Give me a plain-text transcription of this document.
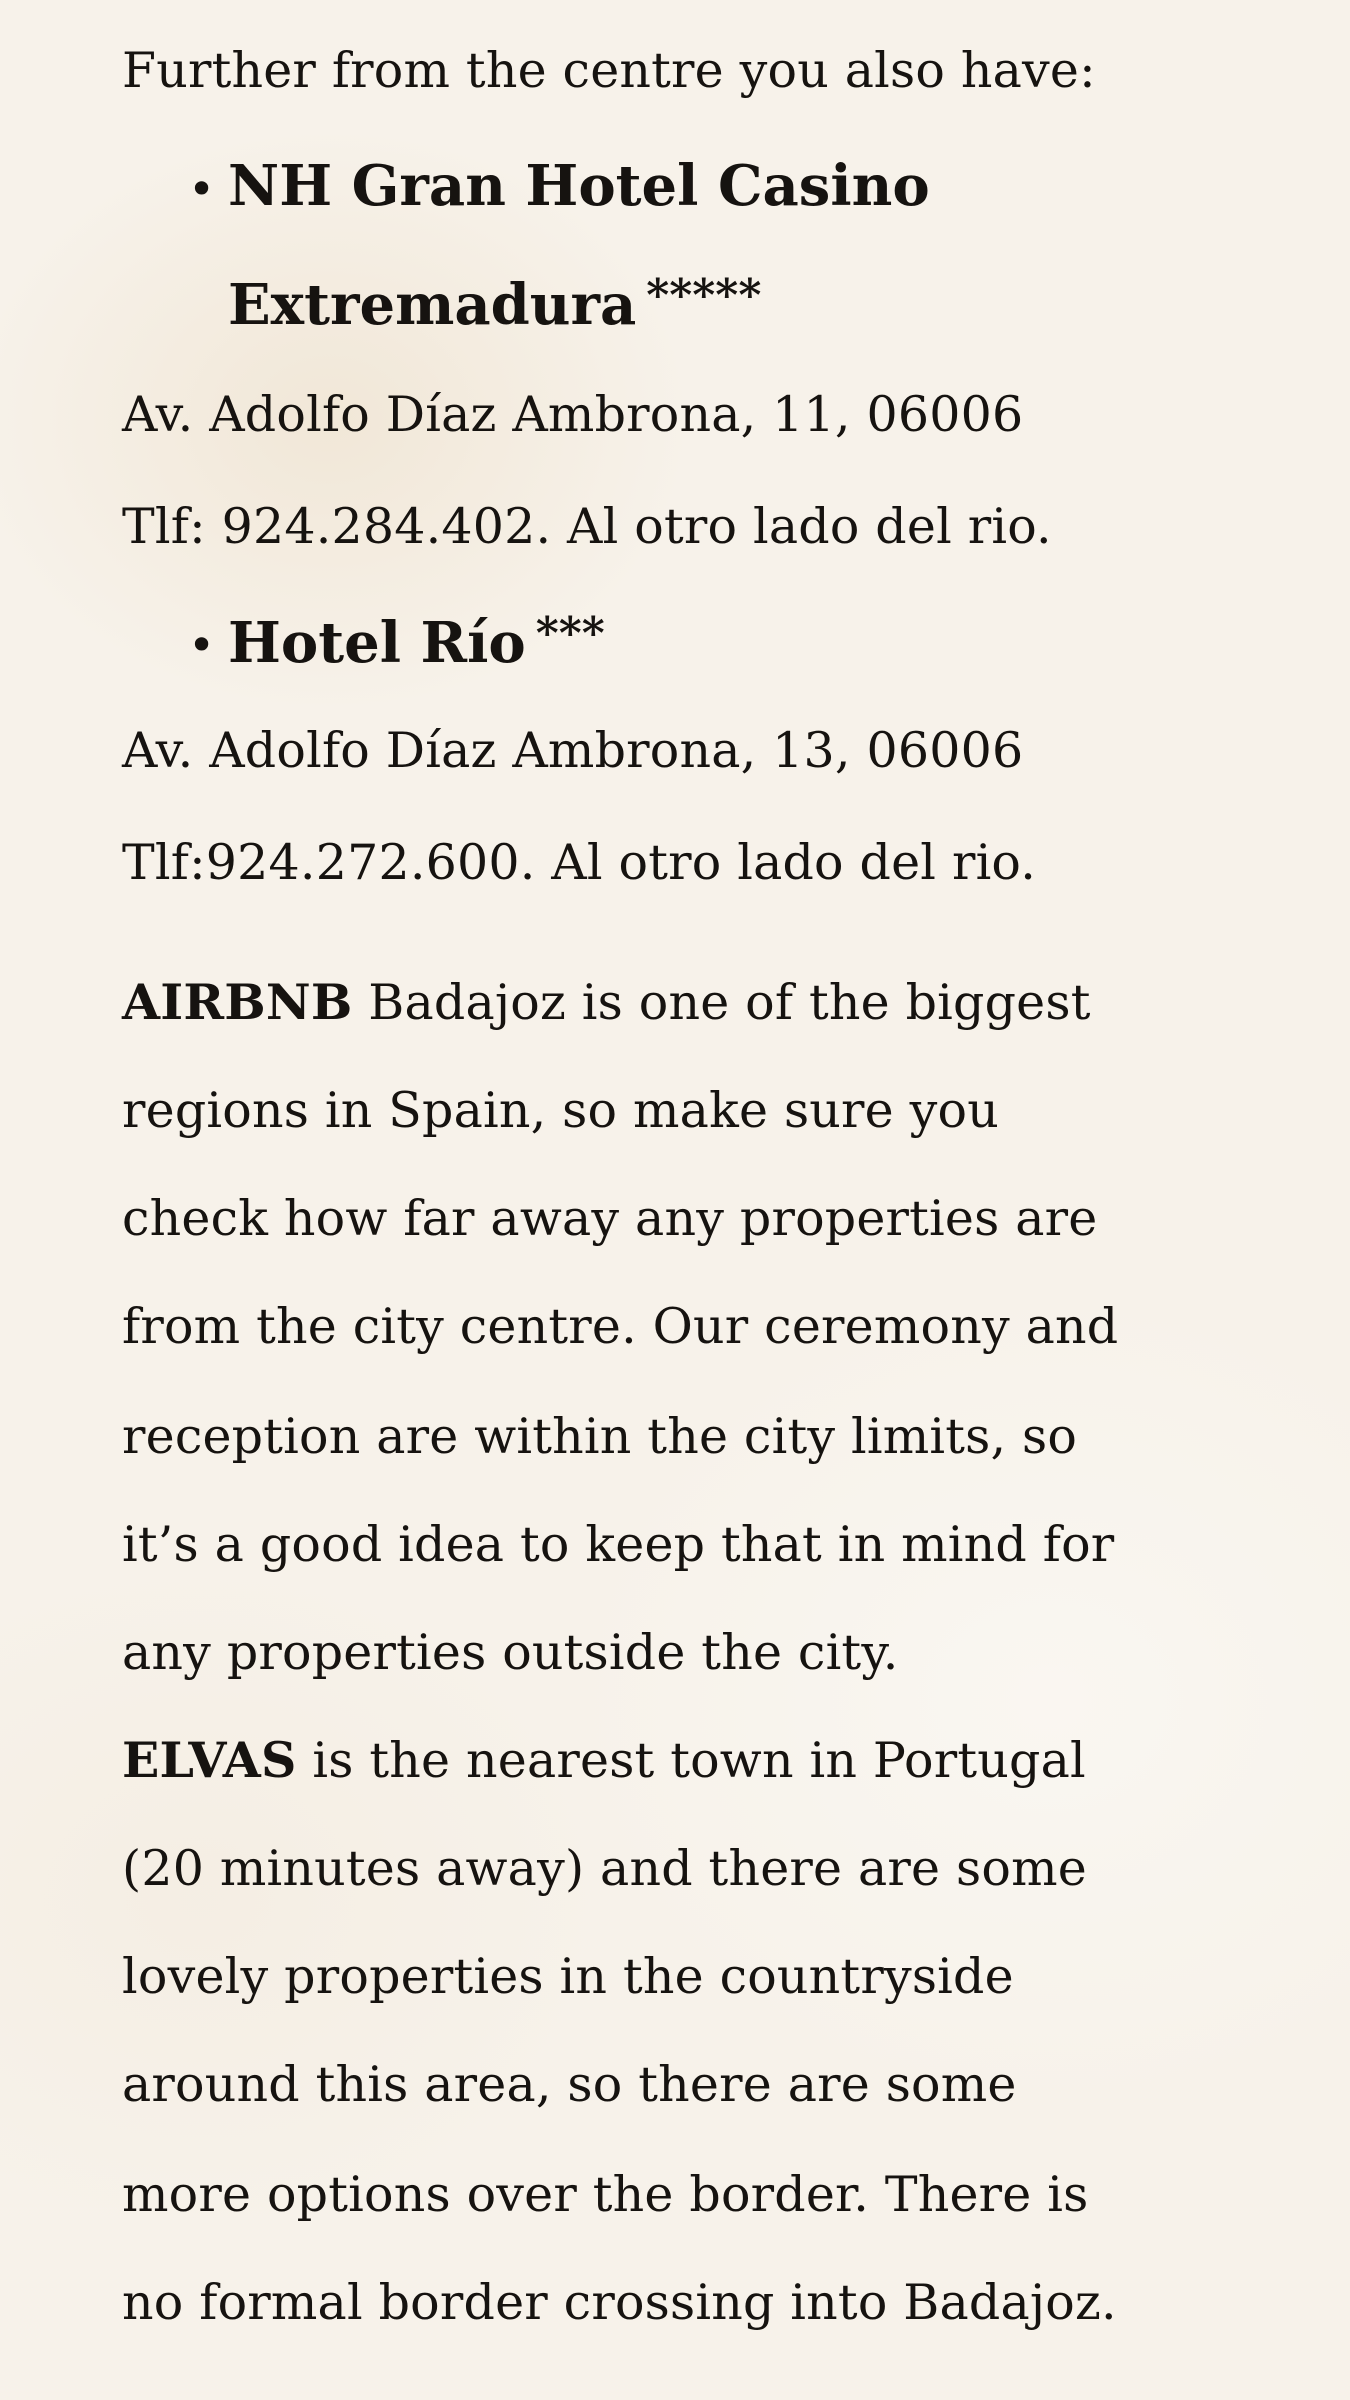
Further from the centre you also have:
• NH Gran Hotel Casino
Extremadura *****
Av. Adolfo Díaz Ambrona, 11, 06006
Tlf: 924.284.402. Al otro lado del rio.
• Hotel Río ***
Av. Adolfo Díaz Ambrona, 13, 06006
Tlf:924.272.600. Al otro lado del rio.
AIRBNB Badajoz is one of the biggest
regions in Spain, so make sure you
check how far away any properties are
from the city centre. Our ceremony and
reception are within the city limits, so
it’s a good idea to keep that in mind for
any properties outside the city.
ELVAS is the nearest town in Portugal
(20 minutes away) and there are some
lovely properties in the countryside
around this area, so there are some
more options over the border. There is
no formal border crossing into Badajoz.
